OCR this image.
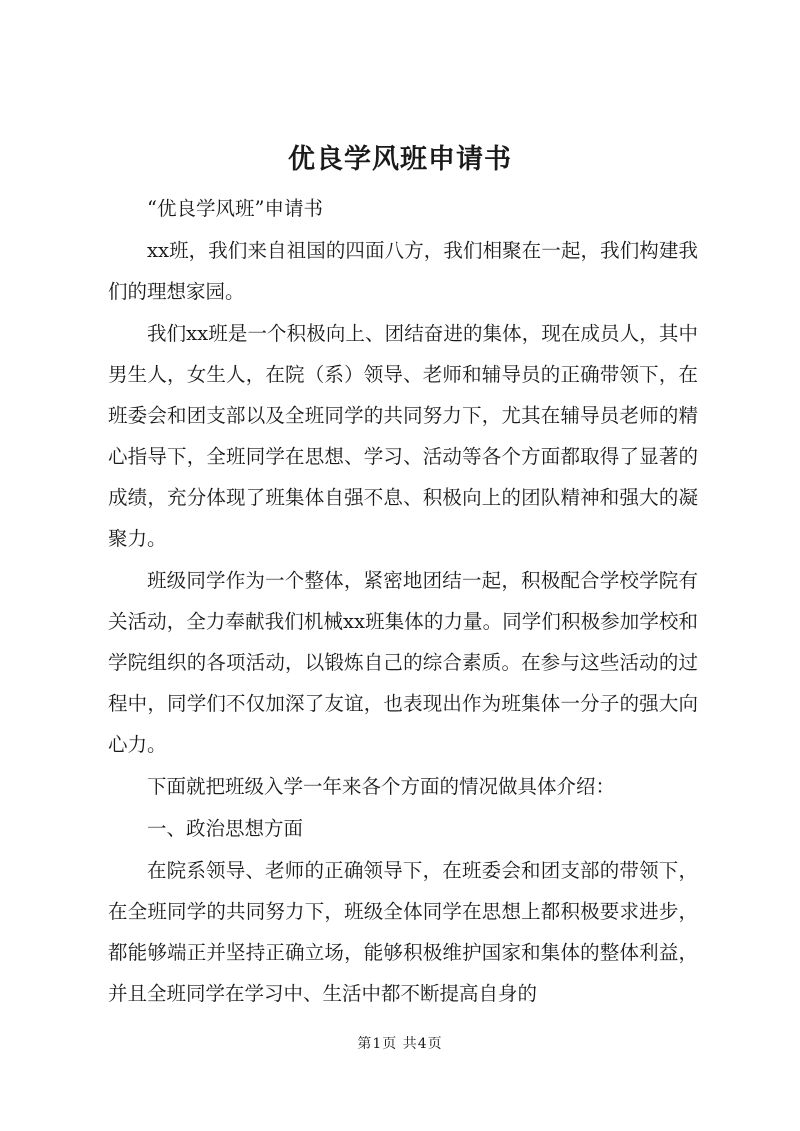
优良学风班申请书

“优良学风班”申请书

xx班，我们来自祖国的四面八方，我们相聚在一起，我们构建我们的理想家园。

我们xx班是一个积极向上、团结奋进的集体，现在成员人，其中男生人，女生人，在院（系）领导、老师和辅导员的正确带领下，在班委会和团支部以及全班同学的共同努力下，尤其在辅导员老师的精心指导下，全班同学在思想、学习、活动等各个方面都取得了显著的成绩，充分体现了班集体自强不息、积极向上的团队精神和强大的凝聚力。

班级同学作为一个整体，紧密地团结一起，积极配合学校学院有关活动，全力奉献我们机械xx班集体的力量。同学们积极参加学校和学院组织的各项活动，以锻炼自己的综合素质。在参与这些活动的过程中，同学们不仅加深了友谊，也表现出作为班集体一分子的强大向心力。

下面就把班级入学一年来各个方面的情况做具体介绍：

一、政治思想方面

在院系领导、老师的正确领导下，在班委会和团支部的带领下，在全班同学的共同努力下，班级全体同学在思想上都积极要求进步，都能够端正并坚持正确立场，能够积极维护国家和集体的整体利益，并且全班同学在学习中、生活中都不断提高自身的

第1页 共4页
